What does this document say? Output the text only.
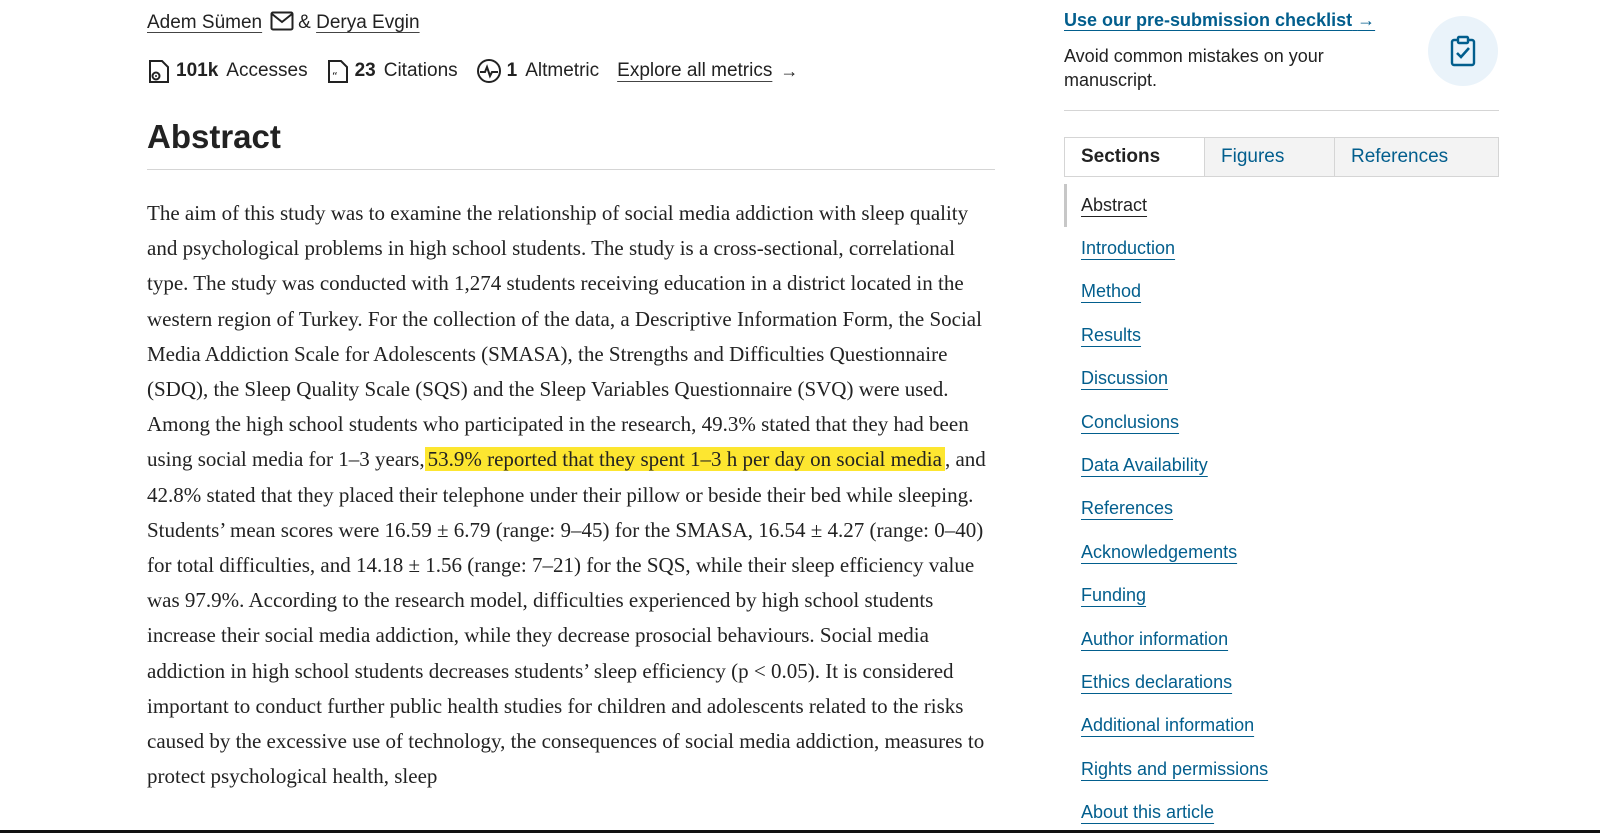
Adem Sümen & Derya Evgin
101k Accesses “ 23 Citations	1 Altmetric Explore all metrics →
Abstract

The aim of this study was to examine the relationship of social media addiction with sleep quality and psychological problems in high school students. The study is a cross-sectional, correlational type. The study was conducted with 1,274 students receiving education in a district located in the western region of Turkey. For the collection of the data, a Descriptive Information Form, the Social Media Addiction Scale for Adolescents (SMASA), the Strengths and Difficulties Questionnaire (SDQ), the Sleep Quality Scale (SQS) and the Sleep Variables Questionnaire (SVQ) were used. Among the high school students who participated in the research, 49.3% stated that they had been using social media for 1–3 years, 53.9% reported that they spent 1–3 h per day on social media , and 42.8% stated that they placed their telephone under their pillow or beside their bed while sleeping. Students’ mean scores were 16.59 ± 6.79 (range: 9–45) for the SMASA, 16.54 ± 4.27 (range: 0–40) for total difficulties, and 14.18 ± 1.56 (range: 7–21) for the SQS, while their sleep efficiency value was 97.9%. According to the research model, difficulties experienced by high school students increase their social media addiction, while they decrease prosocial behaviours. Social media addiction in high school students decreases students’ sleep efficiency (p < 0.05). It is considered important to conduct further public health studies for children and adolescents related to the risks caused by the excessive use of technology, the consequences of social media addiction, measures to protect psychological health, sleep

Use our pre-submission checklist →
Avoid common mistakes on your manuscript.
Sections	Figures	References
Abstract
Introduction
Method
Results
Discussion
Conclusions
Data Availability
References
Acknowledgements
Funding
Author information
Ethics declarations
Additional information
Rights and permissions
About this article
